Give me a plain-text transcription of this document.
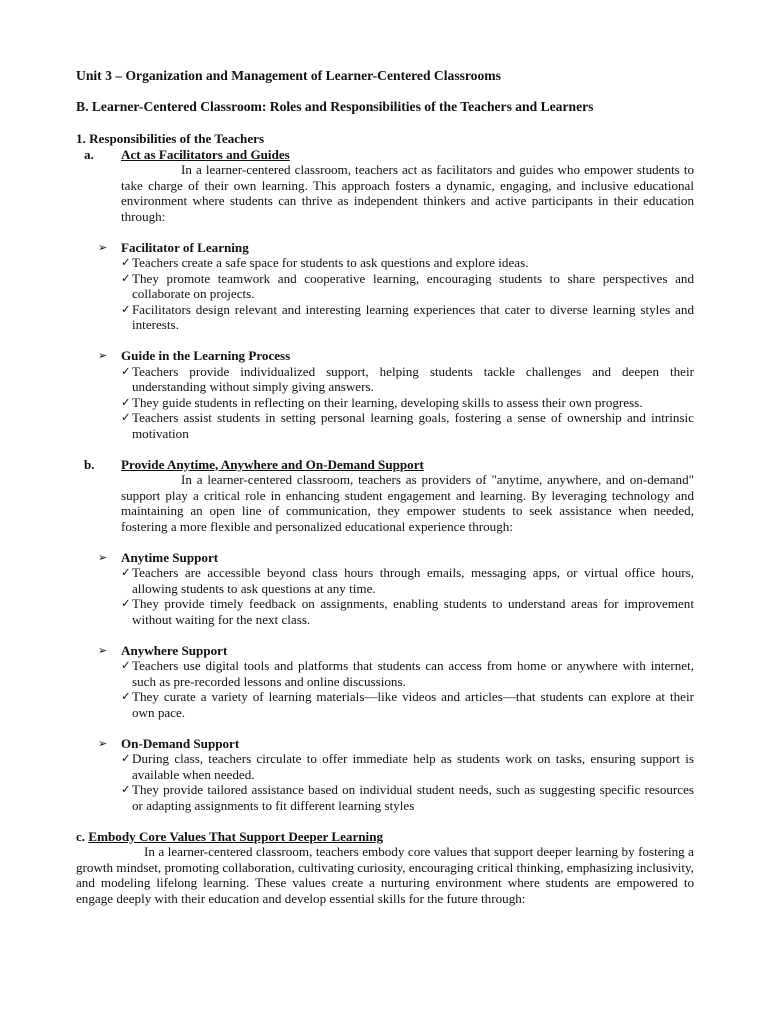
Unit 3 – Organization and Management of Learner-Centered Classrooms
B. Learner-Centered Classroom: Roles and Responsibilities of the Teachers and Learners
1. Responsibilities of the Teachers
a. Act as Facilitators and Guides
In a learner-centered classroom, teachers act as facilitators and guides who empower students to take charge of their own learning. This approach fosters a dynamic, engaging, and inclusive educational environment where students can thrive as independent thinkers and active participants in their education through:
➢ Facilitator of Learning
✓ Teachers create a safe space for students to ask questions and explore ideas.
✓ They promote teamwork and cooperative learning, encouraging students to share perspectives and collaborate on projects.
✓ Facilitators design relevant and interesting learning experiences that cater to diverse learning styles and interests.
➢ Guide in the Learning Process
✓ Teachers provide individualized support, helping students tackle challenges and deepen their understanding without simply giving answers.
✓ They guide students in reflecting on their learning, developing skills to assess their own progress.
✓ Teachers assist students in setting personal learning goals, fostering a sense of ownership and intrinsic motivation
b. Provide Anytime, Anywhere and On-Demand Support
In a learner-centered classroom, teachers as providers of "anytime, anywhere, and on-demand" support play a critical role in enhancing student engagement and learning. By leveraging technology and maintaining an open line of communication, they empower students to seek assistance when needed, fostering a more flexible and personalized educational experience through:
➢ Anytime Support
✓ Teachers are accessible beyond class hours through emails, messaging apps, or virtual office hours, allowing students to ask questions at any time.
✓ They provide timely feedback on assignments, enabling students to understand areas for improvement without waiting for the next class.
➢ Anywhere Support
✓ Teachers use digital tools and platforms that students can access from home or anywhere with internet, such as pre-recorded lessons and online discussions.
✓ They curate a variety of learning materials—like videos and articles—that students can explore at their own pace.
➢ On-Demand Support
✓ During class, teachers circulate to offer immediate help as students work on tasks, ensuring support is available when needed.
✓ They provide tailored assistance based on individual student needs, such as suggesting specific resources or adapting assignments to fit different learning styles
c. Embody Core Values That Support Deeper Learning
In a learner-centered classroom, teachers embody core values that support deeper learning by fostering a growth mindset, promoting collaboration, cultivating curiosity, encouraging critical thinking, emphasizing inclusivity, and modeling lifelong learning. These values create a nurturing environment where students are empowered to engage deeply with their education and develop essential skills for the future through:
